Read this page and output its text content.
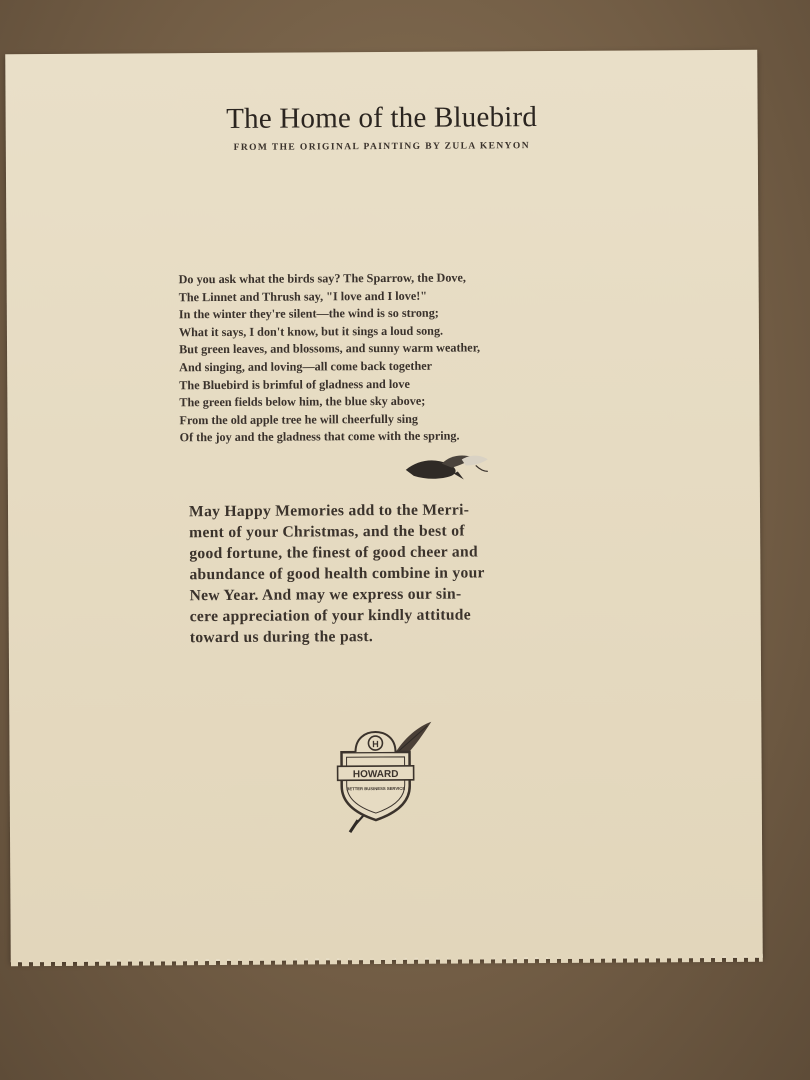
The Home of the Bluebird
FROM THE ORIGINAL PAINTING BY ZULA KENYON
Do you ask what the birds say? The Sparrow, the Dove,
The Linnet and Thrush say, "I love and I love!"
In the winter they're silent—the wind is so strong;
What it says, I don't know, but it sings a loud song.
But green leaves, and blossoms, and sunny warm weather,
And singing, and loving—all come back together
The Bluebird is brimful of gladness and love
The green fields below him, the blue sky above;
From the old apple tree he will cheerfully sing
Of the joy and the gladness that come with the spring.
May Happy Memories add to the Merri-
ment of your Christmas, and the best of
good fortune, the finest of good cheer and
abundance of good health combine in your
New Year. And may we express our sin-
cere appreciation of your kindly attitude
toward us during the past.
H
HOWARD
BETTER BUSINESS SERVICE
